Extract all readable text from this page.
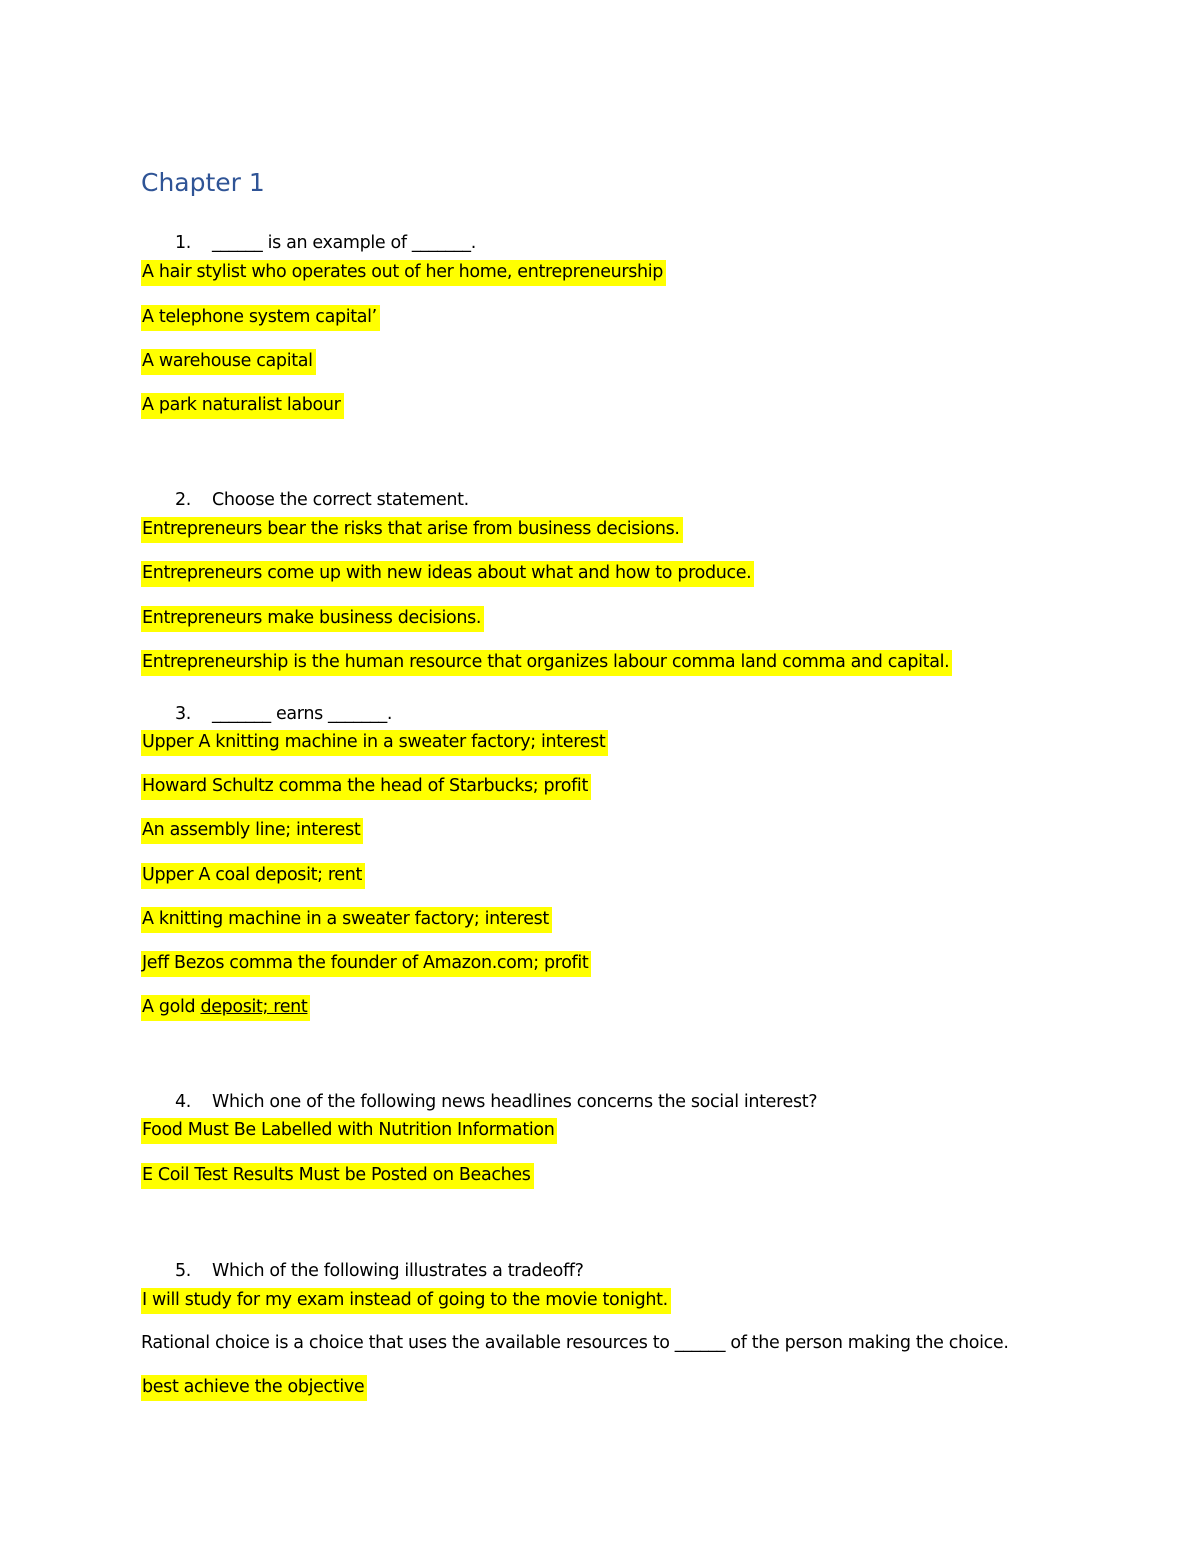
Chapter 1
1. ______ is an example of _______.
A hair stylist who operates out of her home, entrepreneurship
A telephone system capital’
A warehouse capital
A park naturalist labour
2. Choose the correct statement.
Entrepreneurs bear the risks that arise from business decisions.
Entrepreneurs come up with new ideas about what and how to produce.
Entrepreneurs make business decisions.
Entrepreneurship is the human resource that organizes labour comma land comma and capital.
3. _______ earns _______.
Upper A knitting machine in a sweater factory; interest
Howard Schultz comma the head of Starbucks; profit
An assembly line; interest
Upper A coal deposit; rent
A knitting machine in a sweater factory; interest
Jeff Bezos comma the founder of Amazon.com; profit
A gold deposit; rent
4. Which one of the following news headlines concerns the social interest?
Food Must Be Labelled with Nutrition Information
E Coil Test Results Must be Posted on Beaches
5. Which of the following illustrates a tradeoff?
I will study for my exam instead of going to the movie tonight.
Rational choice is a choice that uses the available resources to ______ of the person making the choice.
best achieve the objective
